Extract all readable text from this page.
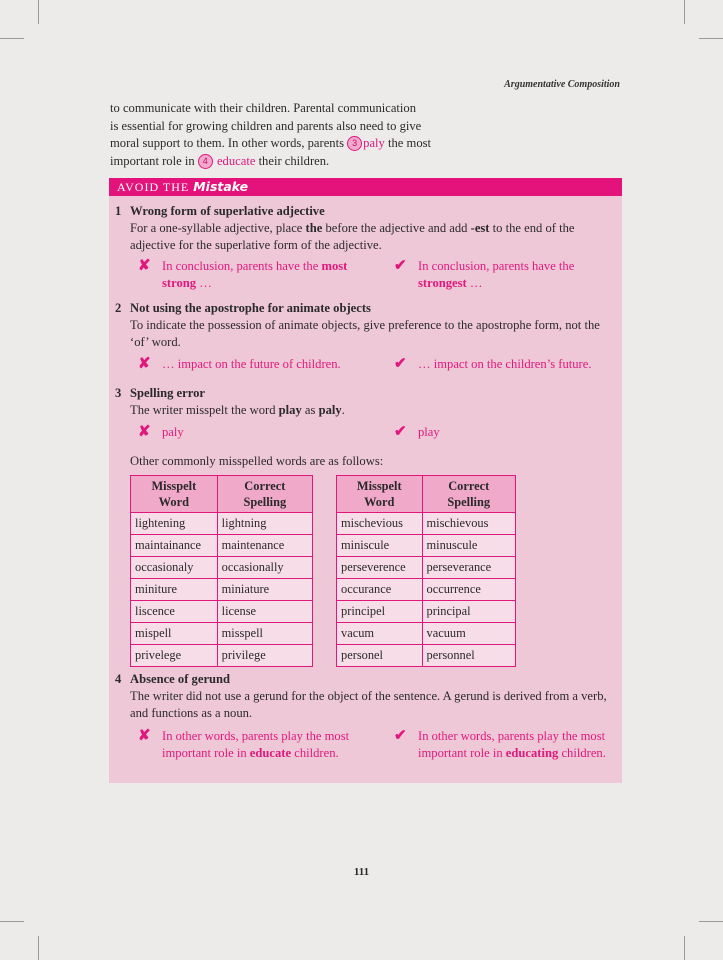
Argumentative Composition

to communicate with their children. Parental communication

is essential for growing children and parents also need to give

moral support to them. In other words, parents 3 paly the most

important role in 4 educate their children.

AVOID THE Mistake
1 Wrong form of superlative adjective
For a one-syllable adjective, place the before the adjective and add -est to the end of the adjective for the superlative form of the adjective.
✘ In conclusion, parents have the most strong …
✔ In conclusion, parents have the strongest …
2 Not using the apostrophe for animate objects
To indicate the possession of animate objects, give preference to the apostrophe form, not the ‘of’ word.
✘ … impact on the future of children.	✔ … impact on the children’s future.
3 Spelling error
The writer misspelt the word play as paly.
✘ paly	✔ play
Other commonly misspelled words are as follows:
Misspelt Word	Correct Spelling
lightening	lightning
maintainance	maintenance
occasionaly	occasionally
miniture	miniature
liscence	license
mispell	misspell
privelege	privilege
Misspelt Word	Correct Spelling
mischevious	mischievous
miniscule	minuscule
perseverence	perseverance
occurance	occurrence
principel	principal
vacum	vacuum
personel	personnel
4 Absence of gerund
The writer did not use a gerund for the object of the sentence. A gerund is derived from a verb, and functions as a noun.
✘ In other words, parents play the most important role in educate children.
✔ In other words, parents play the most important role in educating children.
111
